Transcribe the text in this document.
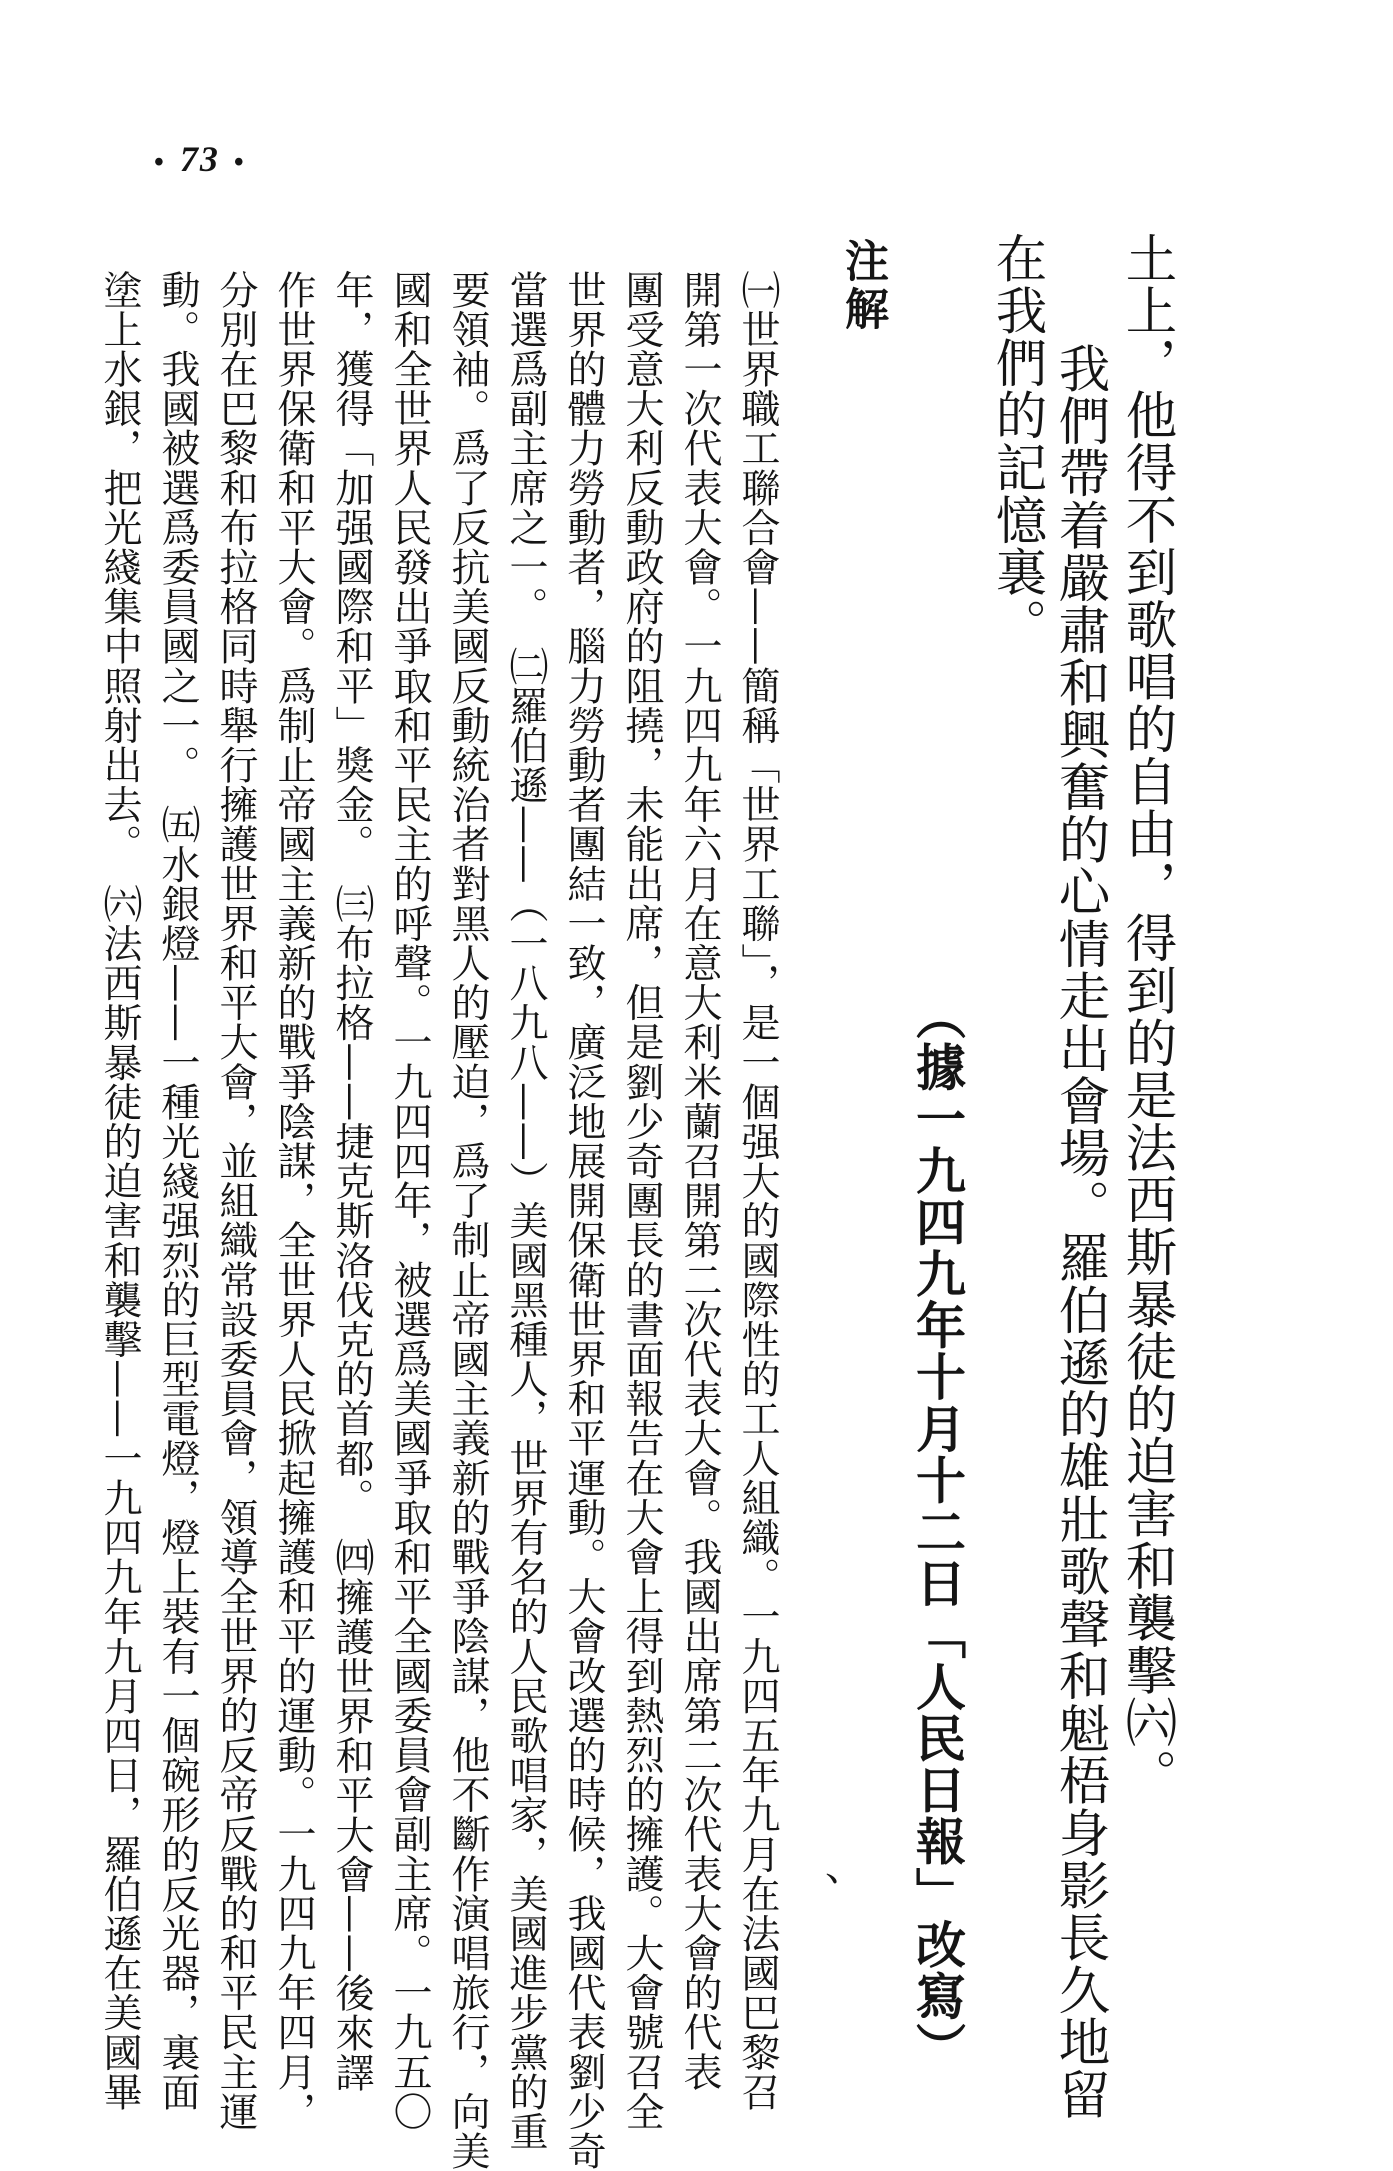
• 73 •
土上，他得不到歌唱的自由，得到的是法西斯暴徒的迫害和襲擊㈥。
　我們帶着嚴肅和興奮的心情走出會場。羅伯遜的雄壯歌聲和魁梧身影長久地留
在我們的記憶裏。
（據一九四九年十月十二日「人民日報」改寫）
、
注解
㈠世界職工聯合會——簡稱「世界工聯」，是一個强大的國際性的工人組織。一九四五年九月在法國巴黎召
開第一次代表大會。一九四九年六月在意大利米蘭召開第二次代表大會。我國出席第二次代表大會的代表
團受意大利反動政府的阻撓，未能出席，但是劉少奇團長的書面報告在大會上得到熱烈的擁護。大會號召全
世界的體力勞動者，腦力勞動者團結一致，廣泛地展開保衛世界和平運動。大會改選的時候，我國代表劉少奇
當選爲副主席之一。　㈡羅伯遜——（一八九八——）美國黑種人，世界有名的人民歌唱家，美國進步黨的重
要領袖。爲了反抗美國反動統治者對黑人的壓迫，爲了制止帝國主義新的戰爭陰謀，他不斷作演唱旅行，向美
國和全世界人民發出爭取和平民主的呼聲。一九四四年，被選爲美國爭取和平全國委員會副主席。一九五〇
年，獲得「加强國際和平」獎金。　㈢布拉格——捷克斯洛伐克的首都。　㈣擁護世界和平大會——後來譯
作世界保衛和平大會。爲制止帝國主義新的戰爭陰謀，全世界人民掀起擁護和平的運動。一九四九年四月，
分別在巴黎和布拉格同時舉行擁護世界和平大會，並組織常設委員會，領導全世界的反帝反戰的和平民主運
動。我國被選爲委員國之一。　㈤水銀燈——一種光綫强烈的巨型電燈，燈上裝有一個碗形的反光器，裏面
塗上水銀，把光綫集中照射出去。　㈥法西斯暴徒的迫害和襲擊——一九四九年九月四日，羅伯遜在美國畢
